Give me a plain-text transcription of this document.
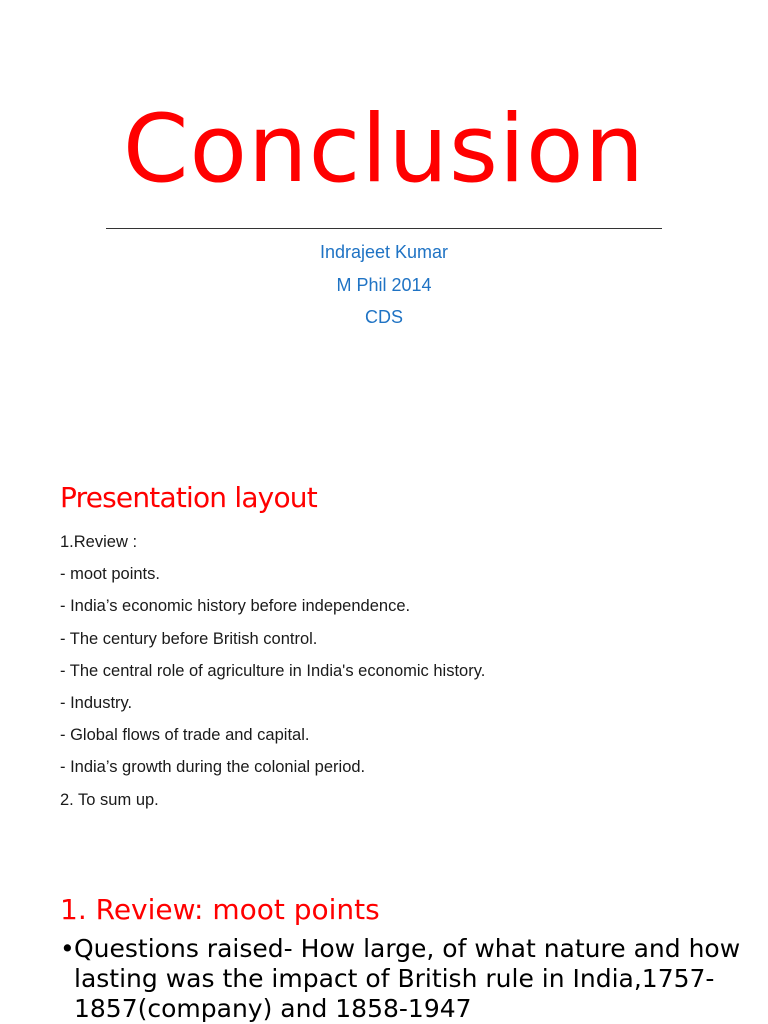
Conclusion
Indrajeet Kumar
M Phil 2014
CDS
Presentation layout
1.Review :
- moot points.
- India’s economic history before independence.
- The century before British control.
- The central role of agriculture in India's economic history.
- Industry.
- Global flows of trade and capital.
- India’s growth during the colonial period.
2. To sum up.
1. Review: moot points
• Questions raised- How large, of what nature and how lasting was the impact of British rule in India,1757-1857(company) and 1858-1947
